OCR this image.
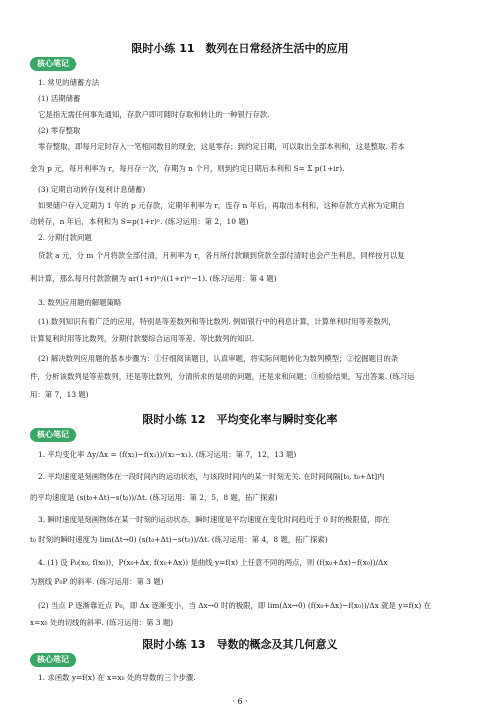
限时小练 11　数列在日常经济生活中的应用
核心笔记
1. 常见的储蓄方法
(1) 活期储蓄
它是指无需任何事先通知，存款户即可随时存取和转让的一种银行存款.
(2) 零存整取
零存整取，即每月定时存入一笔相同数目的现金，这是零存；到约定日期，可以取出全部本利和，这是整取. 若本
金为 p 元，每月利率为 r，每月存一次，存期为 n 个月，则到约定日期后本利和 S= Σ p(1+ir).
(3) 定期自动转存(复利计息储蓄)
如果储户存入定期为 1 年的 p 元存款，定期年利率为 r，连存 n 年后，再取出本利和，这种存款方式称为定期自
动转存，n 年后，本利和为 S=p(1+r)ⁿ. (练习运用：第 2，10 题)
2. 分期付款问题
贷款 a 元，分 m 个月将款全部付清，月利率为 r，各月所付款额到贷款全部付清时也会产生利息，同样按月以复
利计算，那么每月付款款额为 ar(1+r)ᵐ/((1+r)ᵐ−1). (练习运用：第 4 题)
3. 数列应用题的解题策略
(1) 数列知识有着广泛的应用，特别是等差数列和等比数列. 例如银行中的利息计算，计算单利时用等差数列，
计算复利时用等比数列，分期付款要综合运用等差、等比数列的知识.
(2) 解决数列应用题的基本步骤为：①仔细阅读题目，认真审题，将实际问题转化为数列模型；②挖掘题目的条
件，分析该数列是等差数列，还是等比数列，分清所求的是项的问题，还是求和问题；③检验结果，写出答案. (练习运
用：第 7，13 题)
限时小练 12　平均变化率与瞬时变化率
核心笔记
1. 平均变化率 Δy/Δx = (f(x₂)−f(x₁))/(x₂−x₁). (练习运用：第 7，12，13 题)
2. 平均速度是刻画物体在一段时间内的运动状态，与该段时间内的某一时刻无关. 在时间间隔[t₀, t₀+Δt]内
的平均速度是 (s(t₀+Δt)−s(t₀))/Δt. (练习运用：第 2，5，8 题，拓广探索)
3. 瞬时速度是刻画物体在某一时刻的运动状态，瞬时速度是平均速度在变化时间趋近于 0 时的极限值，即在
t₀ 时刻的瞬时速度为 lim(Δt→0) (s(t₀+Δt)−s(t₀))/Δt. (练习运用：第 4，8 题，拓广探索)
4. (1) 设 P₀(x₀, f(x₀))，P(x₀+Δx, f(x₀+Δx)) 是曲线 y=f(x) 上任意不同的两点，则 (f(x₀+Δx)−f(x₀))/Δx
为割线 P₀P 的斜率. (练习运用：第 3 题)
(2) 当点 P 逐渐靠近点 P₀，即 Δx 逐渐变小，当 Δx→0 时的极限，即 lim(Δx→0) (f(x₀+Δx)−f(x₀))/Δx 就是 y=f(x) 在
x=x₀ 处的切线的斜率. (练习运用：第 3 题)
限时小练 13　导数的概念及其几何意义
核心笔记
1. 求函数 y=f(x) 在 x=x₀ 处的导数的三个步骤.
· 6 ·
